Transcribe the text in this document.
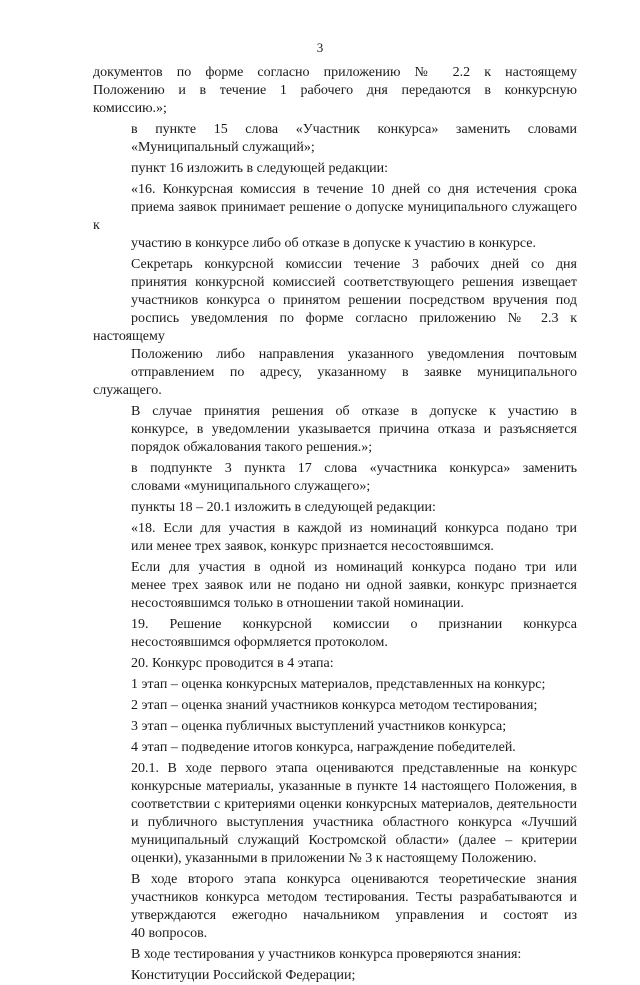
3
документов по форме согласно приложению № 2.2 к настоящему
Положению и в течение 1 рабочего дня передаются в конкурсную
комиссию.»;
в пункте 15 слова «Участник конкурса» заменить словами
«Муниципальный служащий»;
пункт 16 изложить в следующей редакции:
«16. Конкурсная комиссия в течение 10 дней со дня истечения срока
приема заявок принимает решение о допуске муниципального служащего к
участию в конкурсе либо об отказе в допуске к участию в конкурсе.
Секретарь конкурсной комиссии течение 3 рабочих дней со дня
принятия конкурсной комиссией соответствующего решения извещает
участников конкурса о принятом решении посредством вручения под
роспись уведомления по форме согласно приложению № 2.3 к настоящему
Положению либо направления указанного уведомления почтовым
отправлением по адресу, указанному в заявке муниципального служащего.
В случае принятия решения об отказе в допуске к участию в
конкурсе, в уведомлении указывается причина отказа и разъясняется
порядок обжалования такого решения.»;
в подпункте 3 пункта 17 слова «участника конкурса» заменить
словами «муниципального служащего»;
пункты 18 – 20.1 изложить в следующей редакции:
«18. Если для участия в каждой из номинаций конкурса подано три
или менее трех заявок, конкурс признается несостоявшимся.
Если для участия в одной из номинаций конкурса подано три или
менее трех заявок или не подано ни одной заявки, конкурс признается
несостоявшимся только в отношении такой номинации.
19. Решение конкурсной комиссии о признании конкурса
несостоявшимся оформляется протоколом.
20. Конкурс проводится в 4 этапа:
1 этап – оценка конкурсных материалов, представленных на конкурс;
2 этап – оценка знаний участников конкурса методом тестирования;
3 этап – оценка публичных выступлений участников конкурса;
4 этап – подведение итогов конкурса, награждение победителей.
20.1. В ходе первого этапа оцениваются представленные на конкурс
конкурсные материалы, указанные в пункте 14 настоящего Положения, в
соответствии с критериями оценки конкурсных материалов, деятельности
и публичного выступления участника областного конкурса «Лучший
муниципальный служащий Костромской области» (далее – критерии
оценки), указанными в приложении № 3 к настоящему Положению.
В ходе второго этапа конкурса оцениваются теоретические знания
участников конкурса методом тестирования. Тесты разрабатываются и
утверждаются ежегодно начальником управления и состоят из
40 вопросов.
В ходе тестирования у участников конкурса проверяются знания:
Конституции Российской Федерации;
